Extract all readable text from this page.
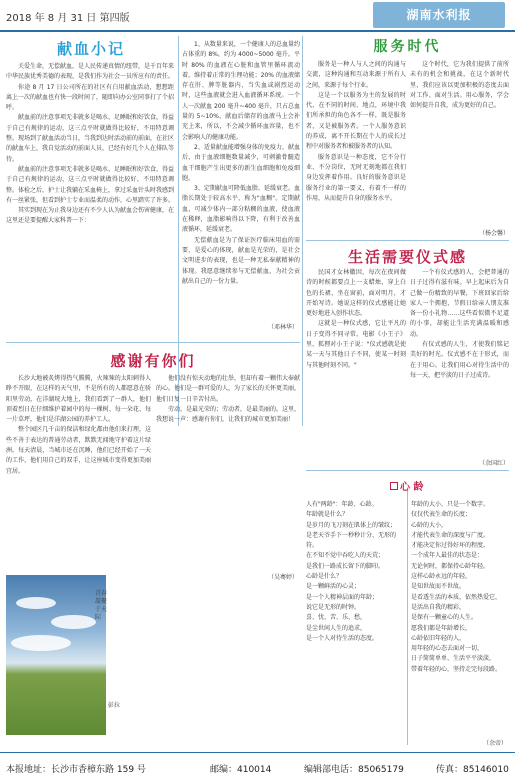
2018 年 8 月 31 日 第四版	湖南水利报
献血小记

关爱生命，无偿献血，是人民传递真情的纽带，是千百年来中华民族优秀美德的表现，是我们作为社会一员所应有的责任。

你途 8 月 17 日公司所在的社区有白用献血活动，想想距离上一次的献血也有快一段时间了，随即向办公室同事打了个招呼。

献血前的注意事项无非就多是喝水、足睡眠和好饮食，得益于自己有规律的运动，这三点平时就做得比较好，不用特意调整。现场到了献血活动当日，当我到达时活动前的前面，在社区的献血车上，我自觉活动的前面人员，已经有好几个人在排队等待。

献血前的注意事项无非就多是喝水、足睡眠和好饮食，得益于自己有规律的运动，这三点平时就做得比较好，不用特意调整。体检之后，护士让我躺在采血椅上，拿过采血针头时我感到有一丝紧张，但看到护士专业而温柔的动作，心里踏实了许多。

其实到现在为止我身边还有不少人认为献血会伤害健康，在这里还是要提醒大家科普一下：

1、从数量来说，一个健康人的总血量约占体重的 8%，约为 4000~5000 毫升。平时 80% 的血液在心脏和血管里循环流动着，维持着正常的生理功能；20% 的血液储存在肝、脾等脏器内，当失血或剧烈运动时，这些血液就会进入血液循环系统。一个人一次献血 200 毫升~400 毫升，只占总血量的 5~10%，献血后储存的血液马上会补充上来，所以，不会减少循环血容量，也不会影响人的健康功能。

2、适量献血能增强身体的免疫力，献血后，由于血液细胞数量减少，可刺激骨髓造血干细胞产生出更多的新生血细胞和免疫细胞。

3、定期献血可降低血脂、延缓衰老。血脂长期处于较高水平，称为"血稠"。定期献血，可减少体内一部分粘稠的血液，使血液在稀释，血脂影响得以下降，有利于改善血液循环，延缓衰老。

无偿献血是为了保证医疗临床用血的需要，是爱心的体现，献血是光荣的，是社会文明进步的表现，也是一种无私奉献精神的体现。我愿意继续参与无偿献血，为社会贡献出自己的一份力量。

（邓林华）
感谢有你们

长沙大地被炙烤得热气腾腾，火辣辣的太阳刺得人睁不开眼，在这样的天气里，不是所有的人都愿意在骄阳里劳动，在洋湖垸大地上，我们看到了一群人，他们顶着烈日在仔细维护着园中的每一棵树、每一朵花、每一片草坪，他们是洋湖公园的养护工人。

整个园区几千亩的保洁和绿化都由他们来打理，这些不善于表达的普通劳动者，默默无闻地守护着这片绿洲。每天清晨，当城市还在沉睡，他们已经开始了一天的工作，他们用自己的双手，让这座城市变得更加美丽宜居。

他们没有惊天动地的壮举，但却有着一颗伟大奉献的心。他们是一群可爱的人，为了家长的关怀更美丽，他们日复一日辛苦付出。

劳动，是最光荣的；劳动者，是最美丽的。这里，我想说一声：感谢有你们，让我们的城市更加美丽！

（吴骞婷）
青春凝聚于天际
彭拉
服务时代

服务是一种人与人之间的沟通与交流，这种沟通和互动来源于所有人之间，来源于每个行业。

这是一个以服务为主的发展的时代，在不同的时间、地点，环境中我们所承担的角色各不一样，既是服务者，又是被服务者。一个人服务意识的养成，离不开长期在个人的成长过程中对服务者和被服务者的认知。

服务意识是一种态度，它不分行业、不分岗位，无时无刻地都在我们身边发挥着作用。良好的服务意识是服务行业的第一要义，有着不一样的作用，从而提升自身的服务水平。

这个时代，它为我们提供了前所未有的机会和挑战，在这个新时代里，我们应该以更加积极的态度去面对工作、面对生活。用心服务，学会如何提升自我，成为更好的自己。

（杨会馨）
生活需要仪式感

民国才女林徽因，每次在夜间做诗的时候都要点上一支蜡烛，穿上白色的长裙，坐在窗前，面对明月，才开始写诗。她说这样的仪式感能让她更好地进入创作状态。

这就是一种仪式感，它让平凡的日子变得不同寻常。电影《小王子》里，狐狸对小王子说："仪式感就是使某一天与其他日子不同，使某一时刻与其他时刻不同。"

一个有仪式感的人，会把普通的日子过得有滋有味。早上起床后为自己做一份精致的早餐，下班回家后给家人一个拥抱，节假日给亲人朋友准备一份小礼物……这些看似微不足道的小事，却能让生活充满温暖和感动。

有仪式感的人生，才使我们铭记美好的时光。仪式感不在于形式，而在于用心。让我们用心对待生活中的每一天，把平淡的日子过成诗。

（余国红）
心 龄

人有"两龄"：年龄、心龄。

年龄就是什么？

是岁月的飞刀刻在肌体上的皱纹；

是老天爷手下一秒秒计分、无形的符。

在不知不觉中吞吃人的天荒；

是我们一路成长留下的脚印。

心龄是什么？

是一颗鲜活的心灵；

是一个人精神层面的年龄；

说它是无形的时钟。

喜、忧、苦、乐、愁，

是尘世间人生的追求，

是一个人对待生活的态度。

年龄的大小，只是一个数字。

仅仅代表生命的长度；

心龄的大小，

才能代表生命的深度与广度。

才能决定你过得好坏的程度。

一个成年人最佳的状态是：

无论何时，都保持心龄年轻。

这样心龄永远的年轻，

是知世故而不世故。

是看透生活的本质，依然热爱它，

是活出自我的精彩，

是保有一颗童心的人生。

愿我们都是年龄增长，

心龄依旧年轻的人，

用年轻的心态去面对一切，

日子简简单单、生活平平淡淡，

带着年轻的心，坚持走完每段路。

（余帝）
本报地址：长沙市香樟东路 159 号	邮编：410014	编辑部电话：85065179	传真：85146010
